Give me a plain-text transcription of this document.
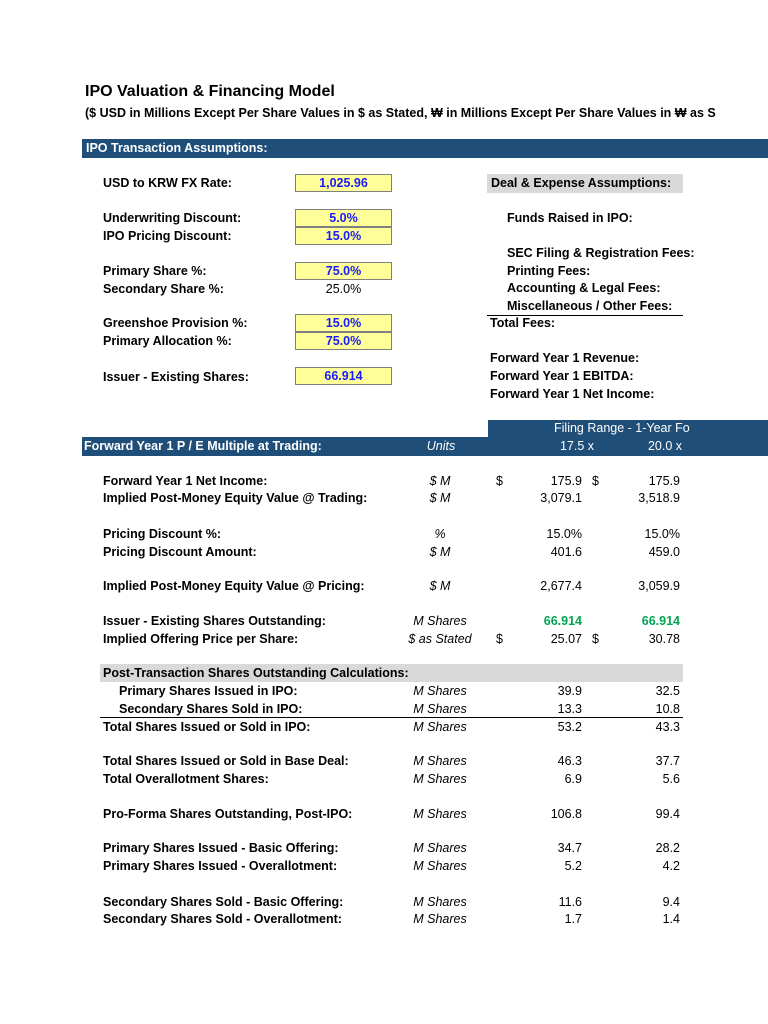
IPO Valuation & Financing Model
($ USD in Millions Except Per Share Values in $ as Stated, ₩ in Millions Except Per Share Values in ₩ as S
IPO Transaction Assumptions:
USD to KRW FX Rate:	1,025.96
Underwriting Discount:	5.0%
IPO Pricing Discount:	15.0%
Primary Share %:	75.0%
Secondary Share %:	25.0%
Greenshoe Provision %:	15.0%
Primary Allocation %:	75.0%
Issuer - Existing Shares:	66.914
Deal & Expense Assumptions:
Funds Raised in IPO:
SEC Filing & Registration Fees:
Printing Fees:
Accounting & Legal Fees:
Miscellaneous / Other Fees:
Total Fees:
Forward Year 1 Revenue:
Forward Year 1 EBITDA:
Forward Year 1 Net Income:
Filing Range - 1-Year Fo
Forward Year 1 P / E Multiple at Trading:	Units	17.5 x	20.0 x
Forward Year 1 Net Income:	$ M	$	175.9 $	175.9
Implied Post-Money Equity Value @ Trading:	$ M	3,079.1	3,518.9
Pricing Discount %:	%	15.0%	15.0%
Pricing Discount Amount:	$ M	401.6	459.0
Implied Post-Money Equity Value @ Pricing:	$ M	2,677.4	3,059.9
Issuer - Existing Shares Outstanding:	M Shares	66.914	66.914
Implied Offering Price per Share:	$ as Stated	$	25.07 $	30.78
Primary Shares Issued in IPO:	M Shares	39.9	32.5
Secondary Shares Sold in IPO:	M Shares	13.3	10.8
Total Shares Issued or Sold in IPO:	M Shares	53.2	43.3
Total Shares Issued or Sold in Base Deal:	M Shares	46.3	37.7
Total Overallotment Shares:	M Shares	6.9	5.6
Pro-Forma Shares Outstanding, Post-IPO:	M Shares	106.8	99.4
Primary Shares Issued - Basic Offering:	M Shares	34.7	28.2
Primary Shares Issued - Overallotment:	M Shares	5.2	4.2
Secondary Shares Sold - Basic Offering:	M Shares	11.6	9.4
Secondary Shares Sold - Overallotment:	M Shares	1.7	1.4
Post-Transaction Shares Outstanding Calculations:
